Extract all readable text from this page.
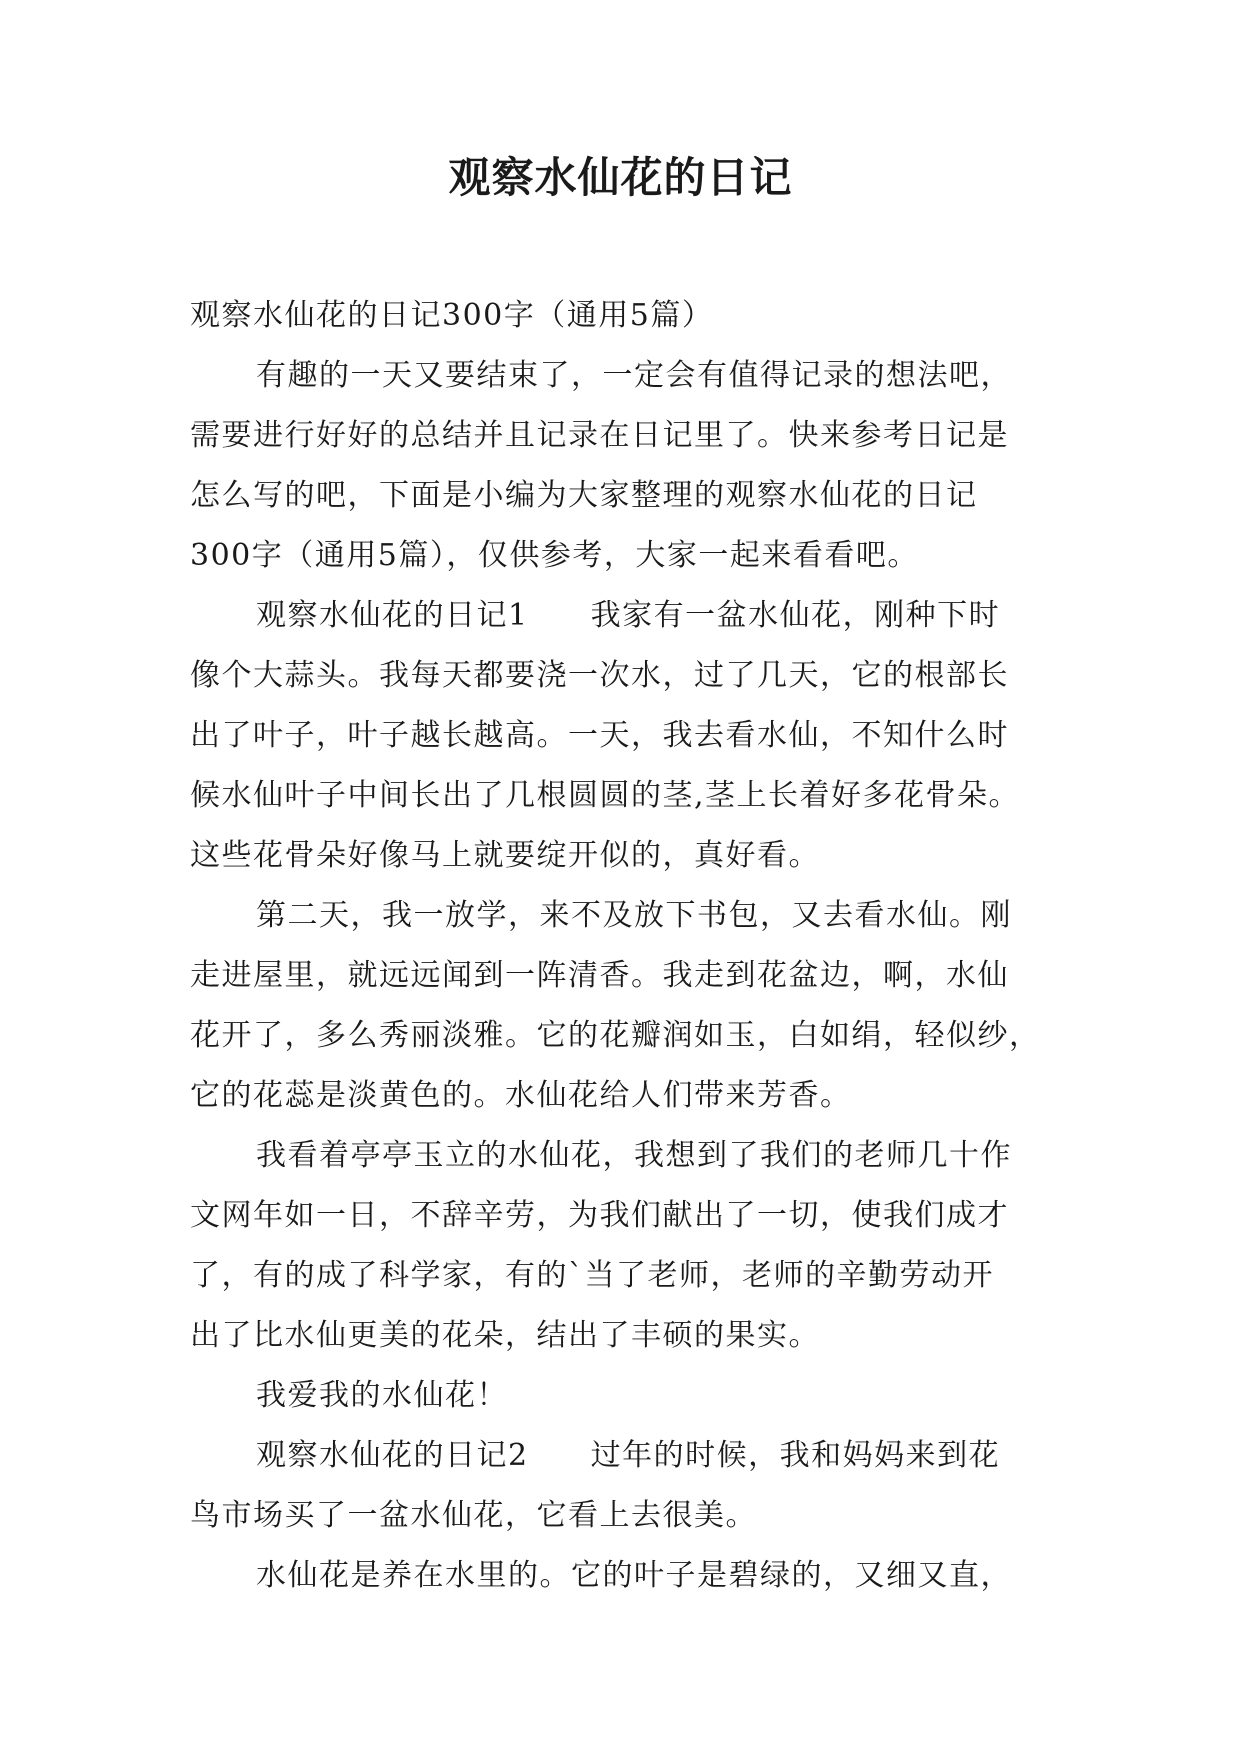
观察水仙花的日记
观察水仙花的日记300字（通用5篇）
有趣的一天又要结束了，一定会有值得记录的想法吧，
需要进行好好的总结并且记录在日记里了。快来参考日记是
怎么写的吧，下面是小编为大家整理的观察水仙花的日记
300字（通用5篇），仅供参考，大家一起来看看吧。
观察水仙花的日记1 我家有一盆水仙花，刚种下时
像个大蒜头。我每天都要浇一次水，过了几天，它的根部长
出了叶子，叶子越长越高。一天，我去看水仙，不知什么时
候水仙叶子中间长出了几根圆圆的茎,茎上长着好多花骨朵。
这些花骨朵好像马上就要绽开似的，真好看。
第二天，我一放学，来不及放下书包，又去看水仙。刚
走进屋里，就远远闻到一阵清香。我走到花盆边，啊，水仙
花开了，多么秀丽淡雅。它的花瓣润如玉，白如绢，轻似纱，
它的花蕊是淡黄色的。水仙花给人们带来芳香。
我看着亭亭玉立的水仙花，我想到了我们的老师几十作
文网年如一日，不辞辛劳，为我们献出了一切，使我们成才
了，有的成了科学家，有的`当了老师，老师的辛勤劳动开
出了比水仙更美的花朵，结出了丰硕的果实。
我爱我的水仙花！
观察水仙花的日记2 过年的时候，我和妈妈来到花
鸟市场买了一盆水仙花，它看上去很美。
水仙花是养在水里的。它的叶子是碧绿的，又细又直，
